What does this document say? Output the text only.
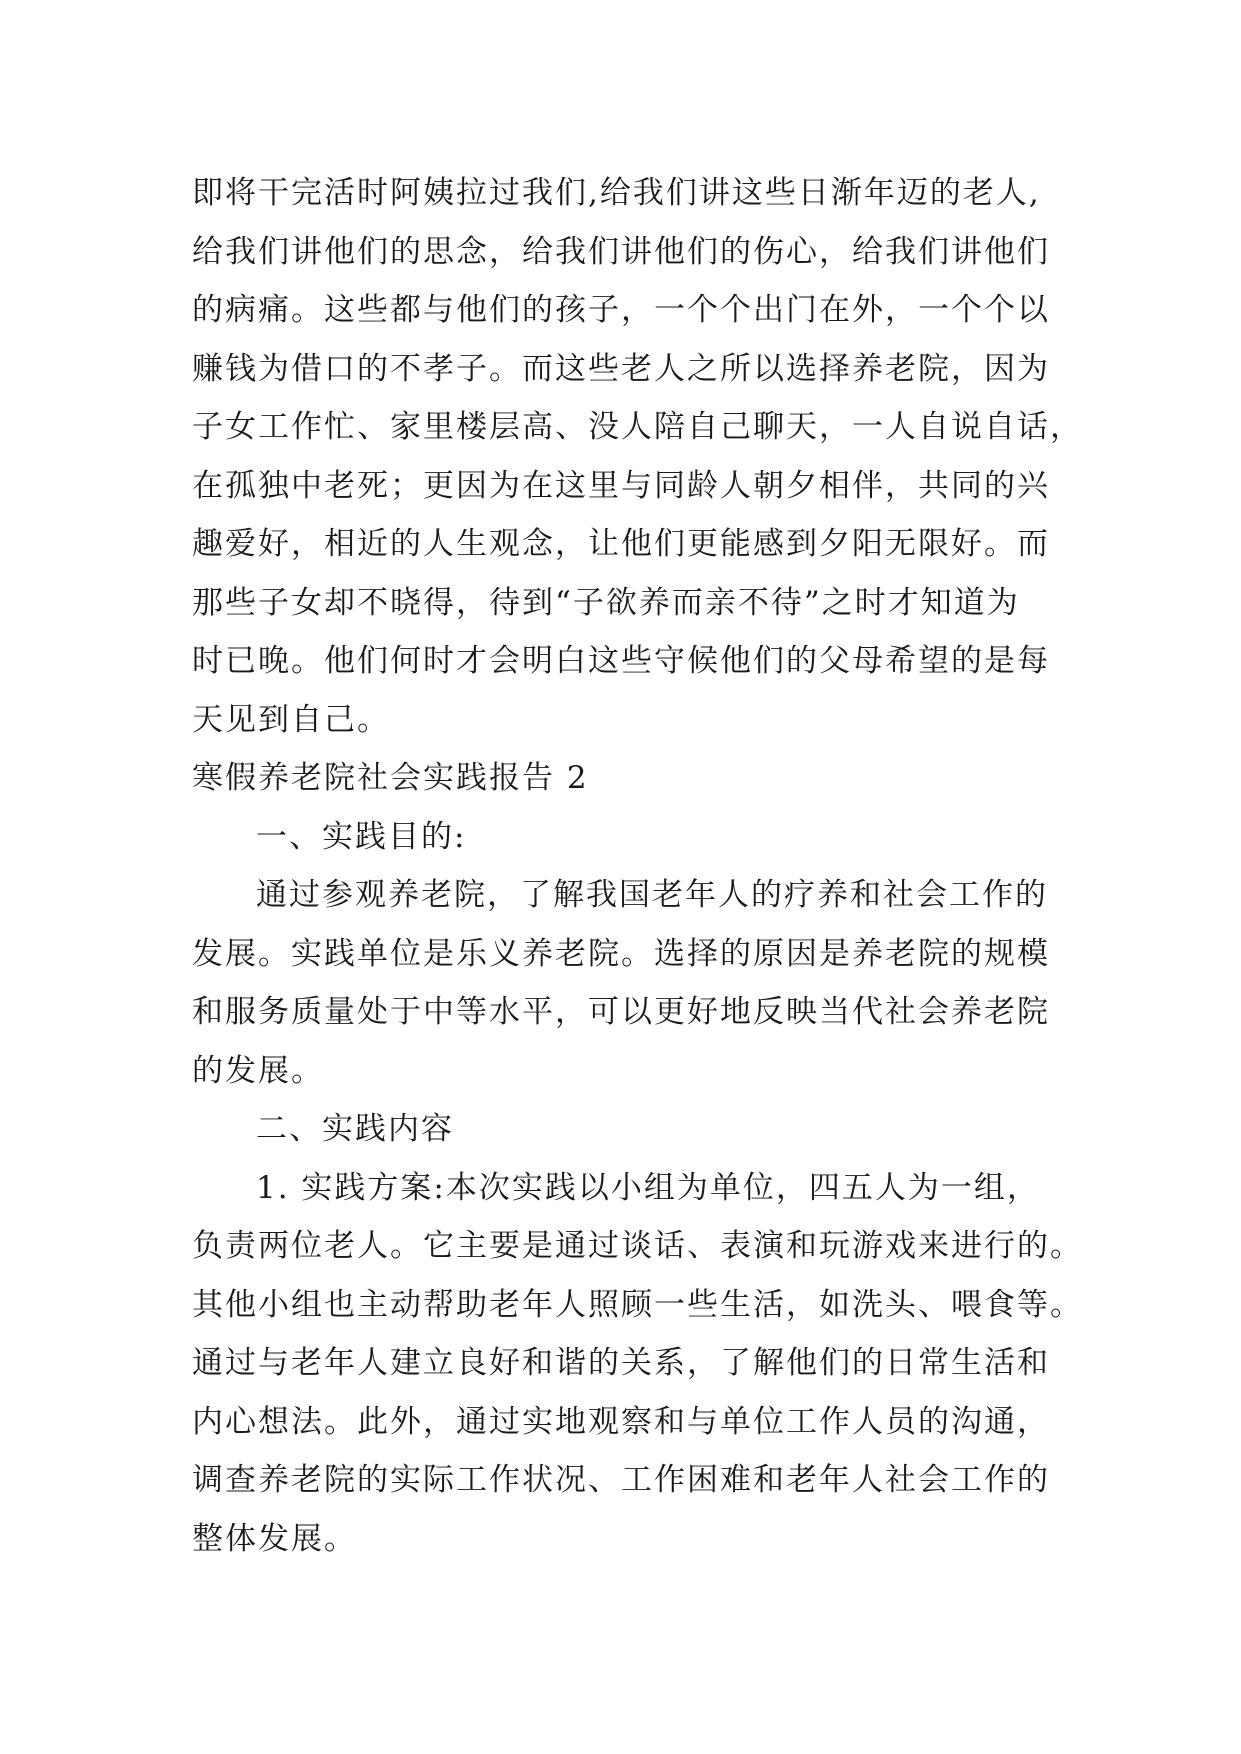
即将干完活时阿姨拉过我们,给我们讲这些日渐年迈的老人,
给我们讲他们的思念，给我们讲他们的伤心，给我们讲他们
的病痛。这些都与他们的孩子，一个个出门在外，一个个以
赚钱为借口的不孝子。而这些老人之所以选择养老院，因为
子女工作忙、家里楼层高、没人陪自己聊天，一人自说自话，
在孤独中老死；更因为在这里与同龄人朝夕相伴，共同的兴
趣爱好，相近的人生观念，让他们更能感到夕阳无限好。而
那些子女却不晓得，待到“子欲养而亲不待”之时才知道为
时已晚。他们何时才会明白这些守候他们的父母希望的是每
天见到自己。
寒假养老院社会实践报告 2
一、实践目的:
通过参观养老院，了解我国老年人的疗养和社会工作的
发展。实践单位是乐义养老院。选择的原因是养老院的规模
和服务质量处于中等水平，可以更好地反映当代社会养老院
的发展。
二、实践内容
1. 实践方案:本次实践以小组为单位，四五人为一组，
负责两位老人。它主要是通过谈话、表演和玩游戏来进行的。
其他小组也主动帮助老年人照顾一些生活，如洗头、喂食等。
通过与老年人建立良好和谐的关系，了解他们的日常生活和
内心想法。此外，通过实地观察和与单位工作人员的沟通，
调查养老院的实际工作状况、工作困难和老年人社会工作的
整体发展。
